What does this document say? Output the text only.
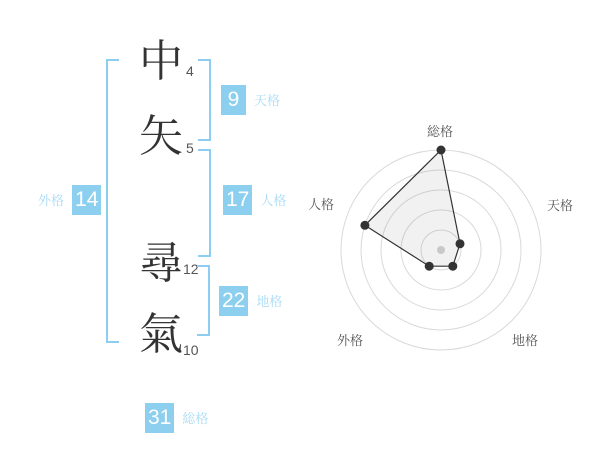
中 4
矢 5
尋 12
氣 10
9	天格
17 人格
22 地格
外格 14
31 総格
総格
天格
地格
外格
人格
